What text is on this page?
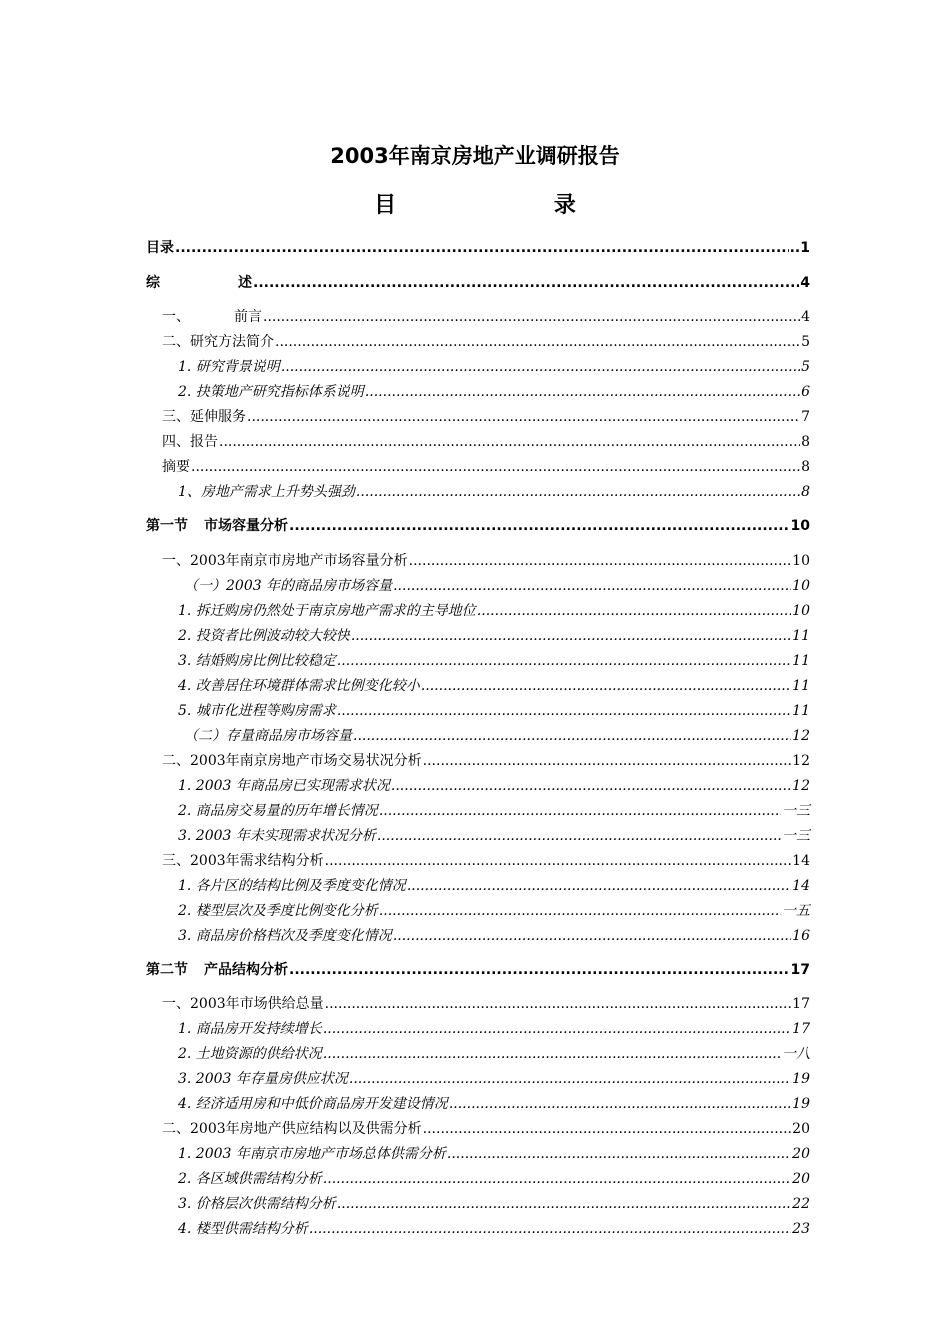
2003年南京房地产业调研报告
目 录
目录 .....	..1
综	述 .....	4
一、	前言 .....	4
二、研究方法简介 .....	5
1. 研究背景说明 .....	5
2. 抉策地产研究指标体系说明 .....	6
三、延伸服务 .....	7
四、报告 .....	8
摘要 .....	8
1、房地产需求上升势头强劲 .....	8
第一节 市场容量分析 .....	10
一、2003年南京市房地产市场容量分析 .....	10
（一）2003 年的商品房市场容量 .....	10
1. 拆迁购房仍然处于南京房地产需求的主导地位 .....	10
2. 投资者比例波动较大较快 .....	11
3. 结婚购房比例比较稳定 .....	11
4. 改善居住环境群体需求比例变化较小 .....	11
5. 城市化进程等购房需求 .....	11
（二）存量商品房市场容量 .....	12
二、2003年南京房地产市场交易状况分析 .....	12
1. 2003 年商品房已实现需求状况 .....	12
2. 商品房交易量的历年增长情况 .....	一三
3. 2003 年未实现需求状况分析 .....	一三
三、2003年需求结构分析 .....	14
1. 各片区的结构比例及季度变化情况 .....	14
2. 楼型层次及季度比例变化分析 .....	一五
3. 商品房价格档次及季度变化情况 .....	16
第二节 产品结构分析 .....	17
一、2003年市场供给总量 .....	17
1. 商品房开发持续增长 .....	17
2. 土地资源的供给状况 .....	一八
3. 2003 年存量房供应状况 .....	19
4. 经济适用房和中低价商品房开发建设情况 .....	19
二、2003年房地产供应结构以及供需分析 .....	20
1. 2003 年南京市房地产市场总体供需分析 .....	20
2. 各区域供需结构分析 .....	20
3. 价格层次供需结构分析 .....	22
4. 楼型供需结构分析 .....	23
